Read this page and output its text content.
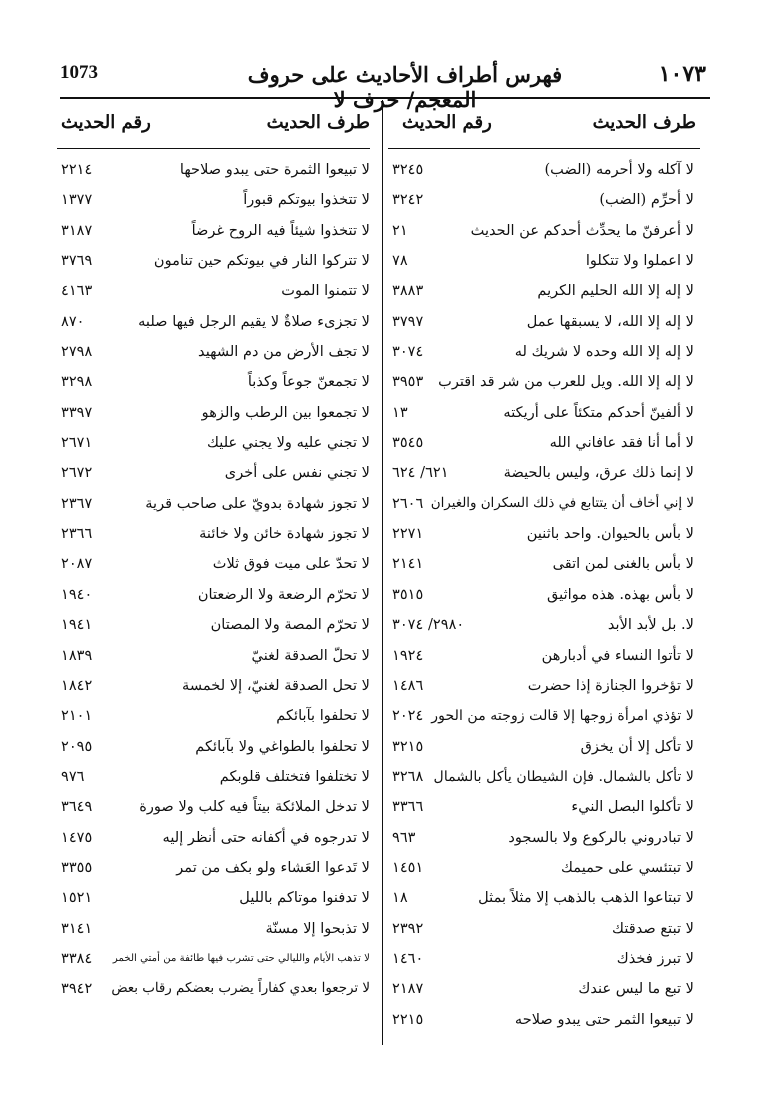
1073	فهرس أطراف الأحاديث على حروف المعجم/ حرف لا
١٠٧٣
طرف الحديث
رقم الحديث
لا آكله ولا أحرمه (الضب)
٣٢٤٥
لا أحرِّم (الضب)
٣٢٤٢
لا أعرفنّ ما يحدِّث أحدكم عن الحديث
٢١
لا اعملوا ولا تتكلوا
٧٨
لا إله إلا الله الحليم الكريم
٣٨٨٣
لا إله إلا الله، لا يسبقها عمل
٣٧٩٧
لا إله إلا الله وحده لا شريك له
٣٠٧٤
لا إله إلا الله. ويل للعرب من شر قد اقترب
٣٩٥٣
لا ألفينّ أحدكم متكئاً على أريكته
١٣
لا أما أنا فقد عافاني الله
٣٥٤٥
لا إنما ذلك عرق، وليس بالحيضة
٦٢١/ ٦٢٤
لا إني أخاف أن يتتابع في ذلك السكران والغيران
٢٦٠٦
لا بأس بالحيوان. واحد باثنين
٢٢٧١
لا بأس بالغنى لمن اتقى
٢١٤١
لا بأس بهذه. هذه مواثيق
٣٥١٥
لا. بل لأبد الأبد
٢٩٨٠/ ٣٠٧٤
لا تأتوا النساء في أدبارهن
١٩٢٤
لا تؤخروا الجنازة إذا حضرت
١٤٨٦
لا تؤذي امرأة زوجها إلا قالت زوجته من الحور
٢٠٢٤
لا تأكل إلا أن يخزق
٣٢١٥
لا تأكل بالشمال. فإن الشيطان يأكل بالشمال
٣٢٦٨
لا تأكلوا البصل النيء
٣٣٦٦
لا تبادروني بالركوع ولا بالسجود
٩٦٣
لا تبتئسي على حميمك
١٤٥١
لا تبتاعوا الذهب بالذهب إلا مثلاً بمثل
١٨
لا تبتع صدقتك
٢٣٩٢
لا تبرز فخذك
١٤٦٠
لا تبع ما ليس عندك
٢١٨٧
لا تبيعوا الثمر حتى يبدو صلاحه
٢٢١٥
طرف الحديث
رقم الحديث
لا تبيعوا الثمرة حتى يبدو صلاحها
٢٢١٤
لا تتخذوا بيوتكم قبوراً
١٣٧٧
لا تتخذوا شيئاً فيه الروح غرضاً
٣١٨٧
لا تتركوا النار في بيوتكم حين تنامون
٣٧٦٩
لا تتمنوا الموت
٤١٦٣
لا تجزىء صلاةٌ لا يقيم الرجل فيها صلبه
٨٧٠
لا تجف الأرض من دم الشهيد
٢٧٩٨
لا تجمعنّ جوعاً وكذباً
٣٢٩٨
لا تجمعوا بين الرطب والزهو
٣٣٩٧
لا تجني عليه ولا يجني عليك
٢٦٧١
لا تجني نفس على أخرى
٢٦٧٢
لا تجوز شهادة بدويّ على صاحب قرية
٢٣٦٧
لا تجوز شهادة خائن ولا خائنة
٢٣٦٦
لا تحدّ على ميت فوق ثلاث
٢٠٨٧
لا تحرّم الرضعة ولا الرضعتان
١٩٤٠
لا تحرّم المصة ولا المصتان
١٩٤١
لا تحلّ الصدقة لغنيّ
١٨٣٩
لا تحل الصدقة لغنيّ، إلا لخمسة
١٨٤٢
لا تحلفوا بآبائكم
٢١٠١
لا تحلفوا بالطواغي ولا بآبائكم
٢٠٩٥
لا تختلفوا فتختلف قلوبكم
٩٧٦
لا تدخل الملائكة بيتاً فيه كلب ولا صورة
٣٦٤٩
لا تدرجوه في أكفانه حتى أنظر إليه
١٤٧٥
لا تَدعوا العَشاء ولو بكف من تمر
٣٣٥٥
لا تدفنوا موتاكم بالليل
١٥٢١
لا تذبحوا إلا مسنّة
٣١٤١
لا تذهب الأيام والليالي حتى تشرب فيها طائفة من أمتي الخمر
٣٣٨٤
لا ترجعوا بعدي كفاراً يضرب بعضكم رقاب بعض
٣٩٤٢
